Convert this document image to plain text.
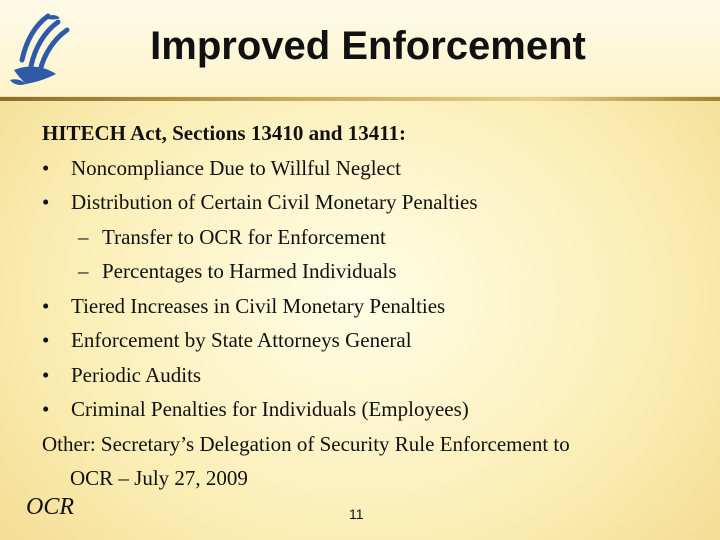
Improved Enforcement
HITECH Act, Sections 13410 and 13411:
• Noncompliance Due to Willful Neglect
• Distribution of Certain Civil Monetary Penalties
– Transfer to OCR for Enforcement
– Percentages to Harmed Individuals
• Tiered Increases in Civil Monetary Penalties
• Enforcement by State Attorneys General
• Periodic Audits
• Criminal Penalties for Individuals (Employees)
Other: Secretary’s Delegation of Security Rule Enforcement to
OCR – July 27, 2009
OCR	11
